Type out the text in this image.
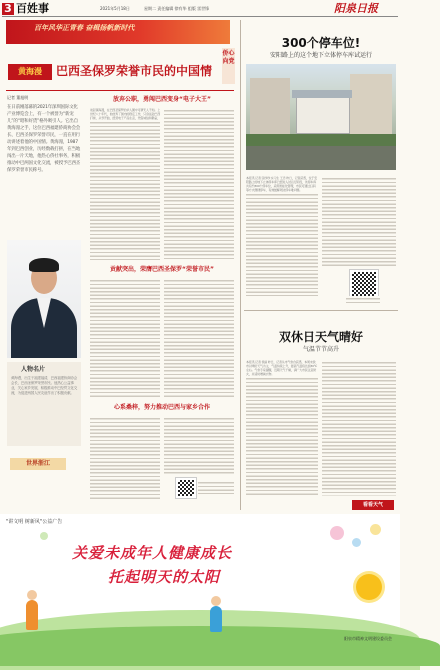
3 百姓事	2021年5月18日	星期二 责任编辑 徐有华 组版 雷世锋	阳泉日报
百年风华正青春 奋楫扬帆新时代
黄海漫	巴西圣保罗荣誉市民的中国情
侨心向党
记者 董旭明
在日前刚落幕的2021年深圳国际文化产业博览会上，有一个被誉为“新宠儿”的“昭和好货”格外吸引人。它出自黄海漫之手，这位巴西福建侨商协会会长、巴西圣保罗荣誉市民，一直在用行动讲述着他的中国情。黄海漫，1987年到巴西创业，历经数载打拼，在当地闯出一片天地，他热心侨社事务，积极推动中巴两国文化交流，被授予巴西圣保罗荣誉市民称号。
人物名片
黄海漫，出生于福建福清，巴西福建侨商协会会长，巴西圣保罗荣誉市民。他热心公益事业，关心家乡发展，积极推动中巴经贸文化交流，为促进两国人民友谊作出了积极贡献。
世界浙江
放弃公职，勇闯巴西变身“电子大王”
谈起黄海漫，在巴西圣保罗的华人圈中可谓无人不知。上世纪八十年代，他放弃了国内的稳定工作，只身远赴巴西打拼，从零开始，经营电子产品生意，凭借诚信和勤奋，
贡献突出，荣膺巴西圣保罗“荣誉市民”
心系桑梓，努力推动巴西与家乡合作
300个停车位!
安阳路上的这个地下立体停车库试运行
本报讯 记者 张珍珍 实习生 王忠 昨日，记者获悉，位于安阳路上的地下立体停车库已经进入试运行阶段，该停车库共有约300个停车位，采用智能化管理，市民可通过扫码等方式便捷停车，有效缓解周边停车难问题。
双休日天气晴好
气温节节高升
本报讯 记者 侯丽 昨日，记者从市气象台获悉，本周末我市以晴好天气为主，气温持续上升，最高气温将达到30℃左右。气象专家提醒，近期天气干燥，请广大市民注意防火，并适时增减衣物。
看看天气
"讲文明 树新风"公益广告
关爱未成年人健康成长
托起明天的太阳
阳泉市精神文明建设委员会
